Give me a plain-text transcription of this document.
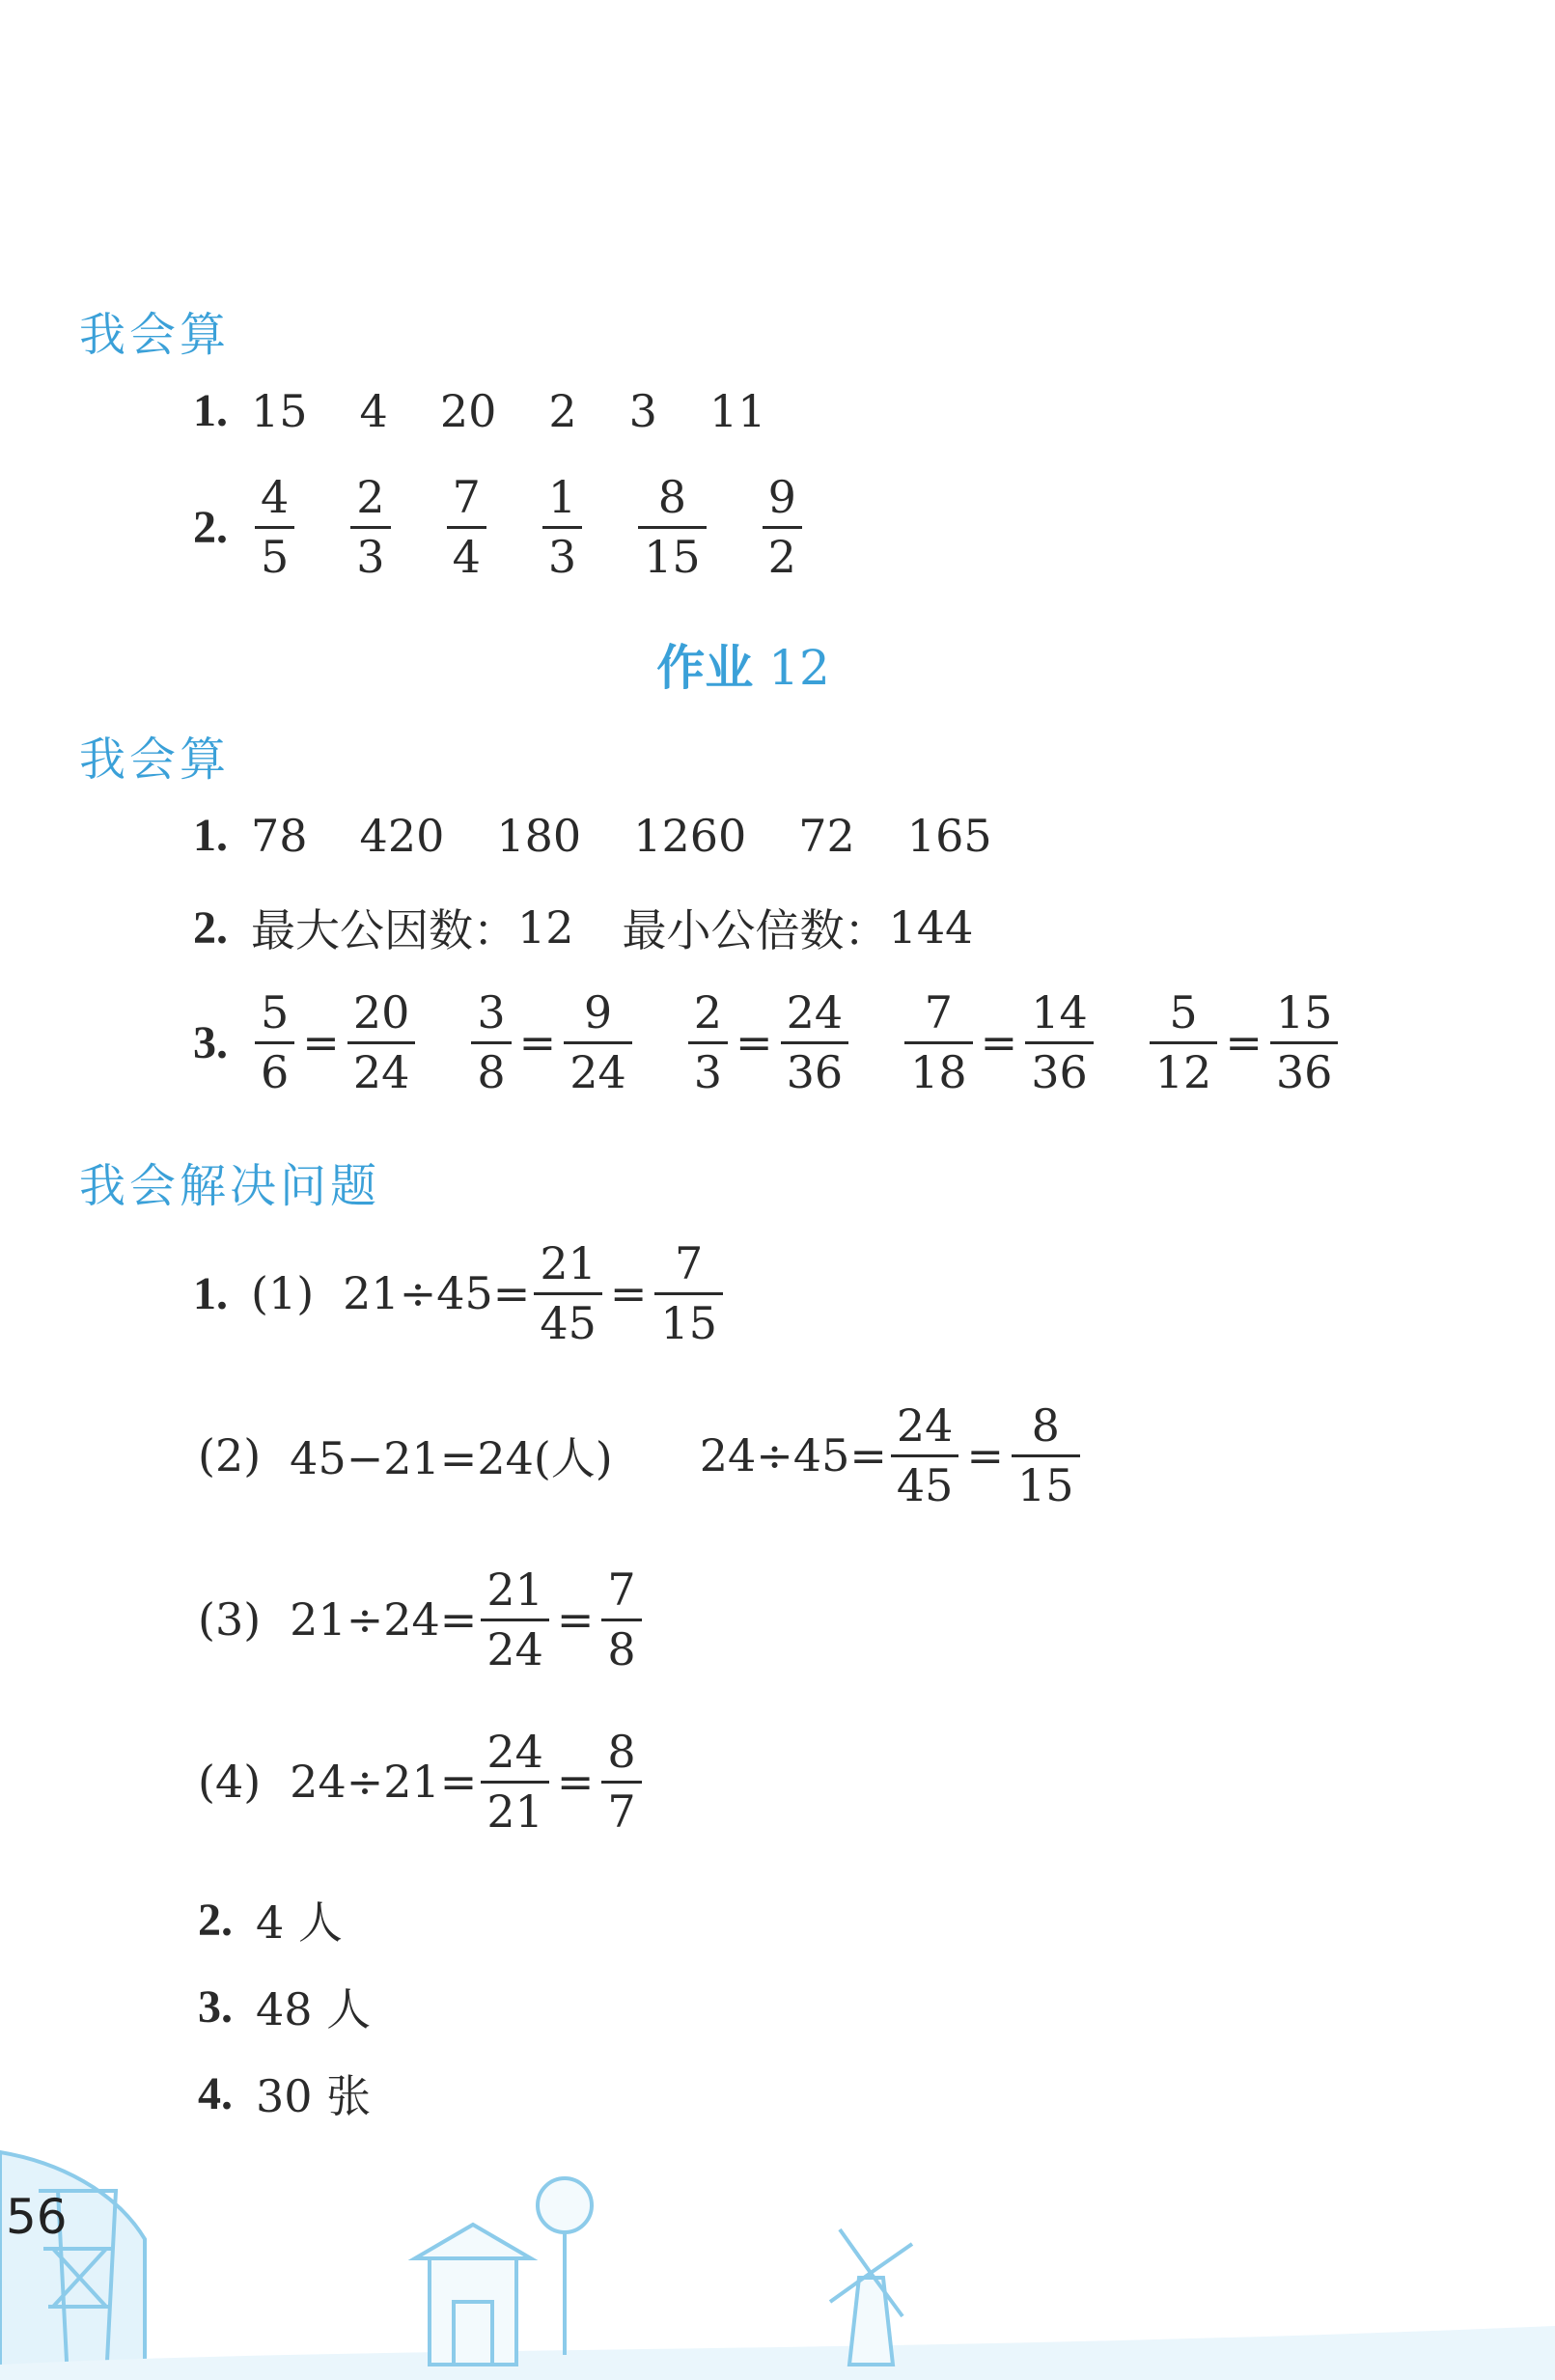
我会算
1. 15 4 20 2 3 11
2. $\frac{4}{5} \frac{2}{3} \frac{7}{4} \frac{1}{3} \frac{8}{15} \frac{9}{2}$
作业 12
我会算
1. 78 420 180 1260 72 165
2. 最大公因数： 12 最小公倍数： 144
3. $\frac{5}{6} = \frac{20}{24} \frac{3}{8} = \frac{9}{24} \frac{2}{3} = \frac{24}{36} \frac{7}{18} = \frac{14}{36} \frac{5}{12} = \frac{15}{36}$
我会解决问题
1. (1) $21\div 45= \frac{21}{45} = \frac{7}{15}$
(2) 45−21=24(人) $24\div 45= \frac{24}{45} = \frac{8}{15}$
(3) $21\div 24= \frac{21}{24} = \frac{7}{8}$
(4) $24\div 21= \frac{24}{21} = \frac{8}{7}$
2. 4 人
3. 48 人
4. 30 张
56
